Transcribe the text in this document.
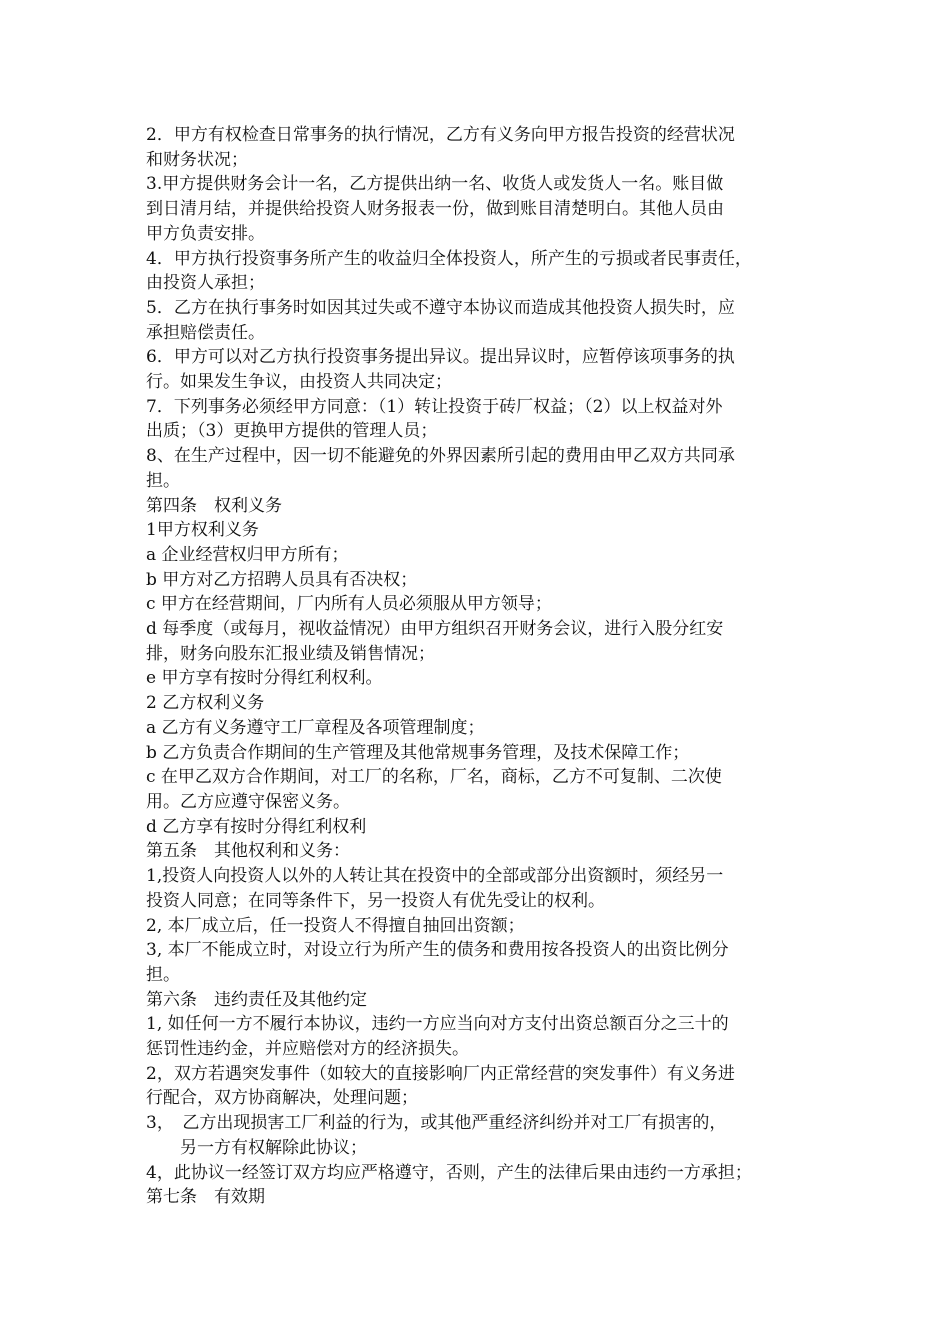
2．甲方有权检查日常事务的执行情况，乙方有义务向甲方报告投资的经营状况
和财务状况；

3.甲方提供财务会计一名，乙方提供出纳一名、收货人或发货人一名。账目做
到日清月结，并提供给投资人财务报表一份，做到账目清楚明白。其他人员由
甲方负责安排。

4．甲方执行投资事务所产生的收益归全体投资人，所产生的亏损或者民事责任，
由投资人承担；

5．乙方在执行事务时如因其过失或不遵守本协议而造成其他投资人损失时，应
承担赔偿责任。

6．甲方可以对乙方执行投资事务提出异议。提出异议时，应暂停该项事务的执
行。如果发生争议，由投资人共同决定；

7．下列事务必须经甲方同意：（1）转让投资于砖厂权益；（2）以上权益对外
出质；（3）更换甲方提供的管理人员；

8、在生产过程中，因一切不能避免的外界因素所引起的费用由甲乙双方共同承
担。

第四条　权利义务

1甲方权利义务

a 企业经营权归甲方所有；

b 甲方对乙方招聘人员具有否决权；

c 甲方在经营期间，厂内所有人员必须服从甲方领导；

d 每季度（或每月，视收益情况）由甲方组织召开财务会议，进行入股分红安
排，财务向股东汇报业绩及销售情况；

e 甲方享有按时分得红利权利。

2 乙方权利义务

a 乙方有义务遵守工厂章程及各项管理制度；

b 乙方负责合作期间的生产管理及其他常规事务管理，及技术保障工作；

c 在甲乙双方合作期间，对工厂的名称，厂名，商标，乙方不可复制、二次使
用。乙方应遵守保密义务。

d 乙方享有按时分得红利权利

第五条　其他权利和义务：

1,投资人向投资人以外的人转让其在投资中的全部或部分出资额时，须经另一
投资人同意；在同等条件下，另一投资人有优先受让的权利。

2, 本厂成立后，任一投资人不得擅自抽回出资额；

3, 本厂不能成立时，对设立行为所产生的债务和费用按各投资人的出资比例分
担。

第六条　违约责任及其他约定

1, 如任何一方不履行本协议，违约一方应当向对方支付出资总额百分之三十的
惩罚性违约金，并应赔偿对方的经济损失。

2，双方若遇突发事件（如较大的直接影响厂内正常经营的突发事件）有义务进
行配合，双方协商解决，处理问题；

3，　乙方出现损害工厂利益的行为，或其他严重经济纠纷并对工厂有损害的，
　　另一方有权解除此协议；

4，此协议一经签订双方均应严格遵守，否则，产生的法律后果由违约一方承担；

第七条　有效期
